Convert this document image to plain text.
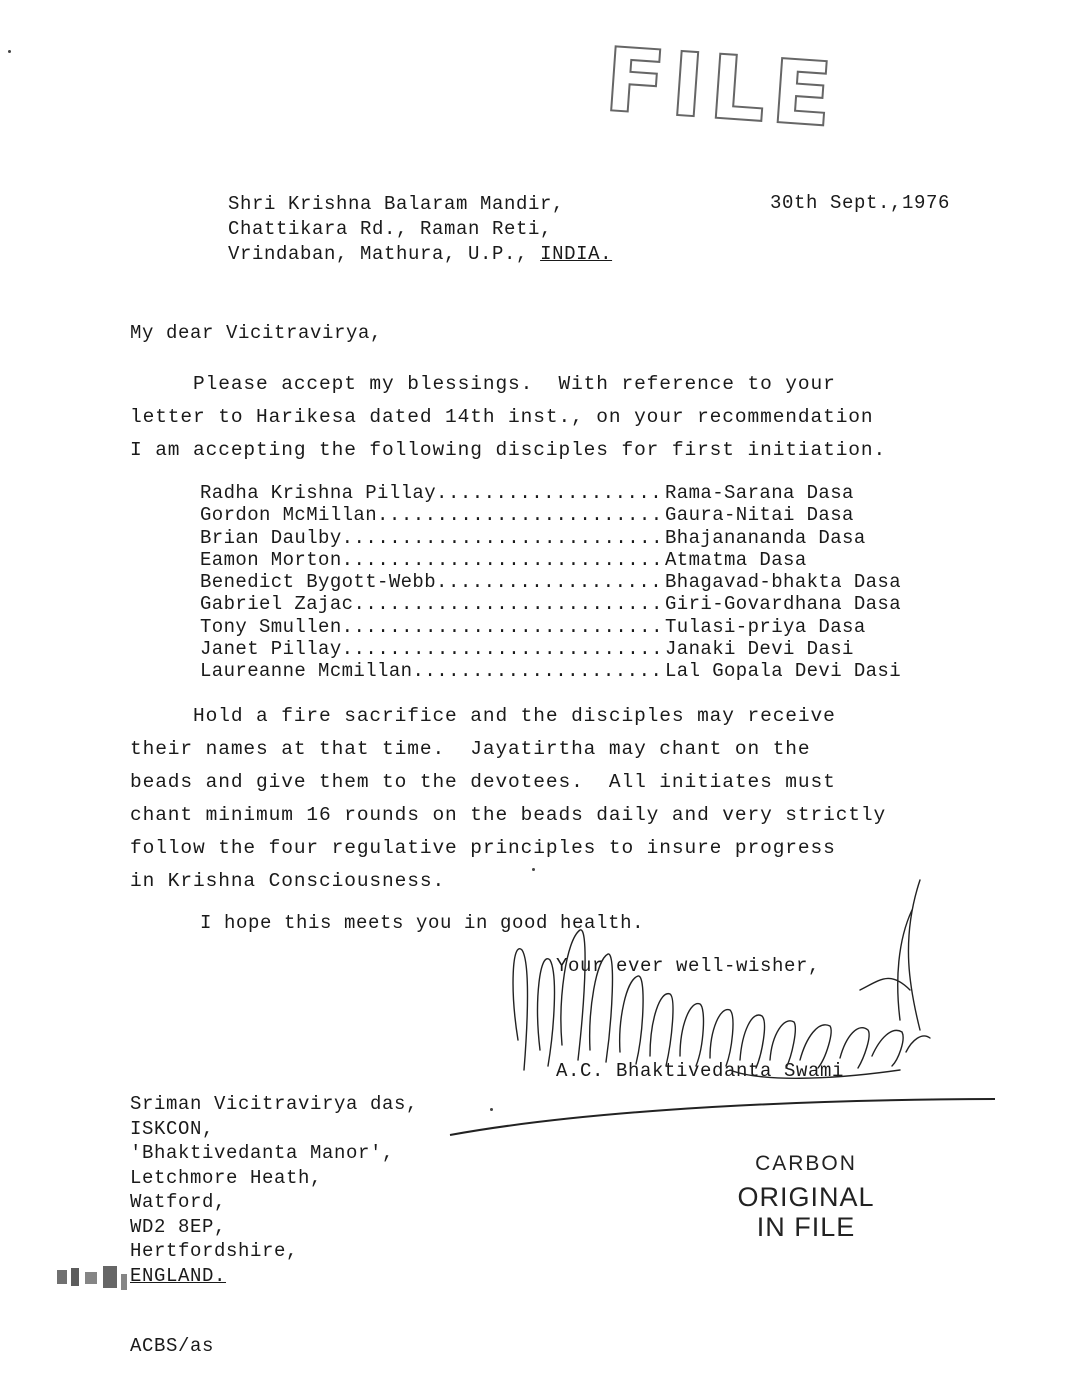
FILE
Shri Krishna Balaram Mandir,
Chattikara Rd., Raman Reti,
Vrindaban, Mathura, U.P., INDIA.
30th Sept.,1976
My dear Vicitravirya,
Please accept my blessings.  With reference to your
letter to Harikesa dated 14th inst., on your recommendation
I am accepting the following disciples for first initiation.
Radha Krishna Pillay .....	Rama-Sarana Dasa
Gordon McMillan .....	Gaura-Nitai Dasa
Brian Daulby .....	Bhajanananda Dasa
Eamon Morton .....	Atmatma Dasa
Benedict Bygott-Webb .....	Bhagavad-bhakta Dasa
Gabriel Zajac .....	Giri-Govardhana Dasa
Tony Smullen .....	Tulasi-priya Dasa
Janet Pillay .....	Janaki Devi Dasi
Laureanne Mcmillan .....	Lal Gopala Devi Dasi
Hold a fire sacrifice and the disciples may receive
their names at that time.  Jayatirtha may chant on the
beads and give them to the devotees.  All initiates must
chant minimum 16 rounds on the beads daily and very strictly
follow the four regulative principles to insure progress
in Krishna Consciousness.
I hope this meets you in good health.
Your ever well-wisher,
A.C. Bhaktivedanta Swami
Sriman Vicitravirya das,
ISKCON,
'Bhaktivedanta Manor',
Letchmore Heath,
Watford,
WD2 8EP,
Hertfordshire,
ENGLAND.
CARBON
ORIGINAL
IN FILE
ACBS/as
